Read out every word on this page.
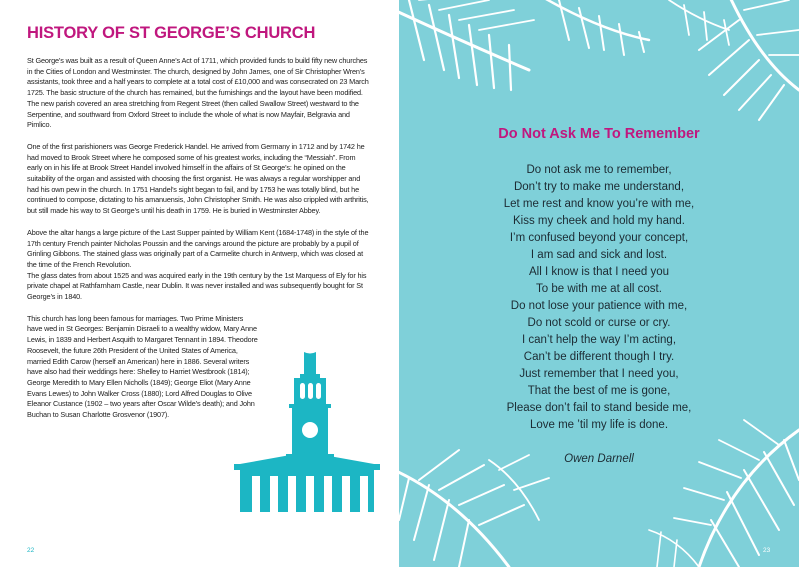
HISTORY OF ST GEORGE’S CHURCH

St George’s was built as a result of Queen Anne’s Act of 1711, which provided funds to build fifty new churches in the Cities of London and Westminster. The church, designed by John James, one of Sir Christopher Wren’s assistants, took three and a half years to complete at a total cost of £10,000 and was consecrated on 23 March 1725. The basic structure of the church has remained, but the furnishings and the layout have been modified. The new parish covered an area stretching from Regent Street (then called Swallow Street) westward to the Serpentine, and southward from Oxford Street to include the whole of what is now Mayfair, Belgravia and Pimlico.

One of the first parishioners was George Frederick Handel. He arrived from Germany in 1712 and by 1742 he had moved to Brook Street where he composed some of his greatest works, including the “Messiah”. From early on in his life at Brook Street Handel involved himself in the affairs of St George’s: he opined on the suitability of the organ and assisted with choosing the first organist. He was always a regular worshipper and had his own pew in the church. In 1751 Handel’s sight began to fail, and by 1753 he was totally blind, but he continued to compose, dictating to his amanuensis, John Christopher Smith. He was also crippled with arthritis, but still made his way to St George’s until his death in 1759. He is buried in Westminster Abbey.

Above the altar hangs a large picture of the Last Supper painted by William Kent (1684-1748) in the style of the 17th century French painter Nicholas Poussin and the carvings around the picture are probably by a pupil of Grinling Gibbons. The stained glass was originally part of a Carmelite church in Antwerp, which was closed at the time of the French Revolution.

The glass dates from about 1525 and was acquired early in the 19th century by the 1st Marquess of Ely for his private chapel at Rathfarnham Castle, near Dublin. It was never installed and was subsequently bought for St George’s in 1840.

This church has long been famous for marriages. Two Prime Ministers have wed in St Georges: Benjamin Disraeli to a wealthy widow, Mary Anne Lewis, in 1839 and Herbert Asquith to Margaret Tennant in 1894. Theodore Roosevelt, the future 26th President of the United States of America, married Edith Carow (herself an American) here in 1886. Several writers have also had their weddings here: Shelley to Harriet Westbrook (1814); George Meredith to Mary Ellen Nicholls (1849); George Eliot (Mary Anne Evans Lewes) to John Walker Cross (1880); Lord Alfred Douglas to Olive Eleanor Custance (1902 – two years after Oscar Wilde’s death); and John Buchan to Susan Charlotte Grosvenor (1907).

22
Do Not Ask Me To Remember
Do not ask me to remember,
Don’t try to make me understand,
Let me rest and know you’re with me,
Kiss my cheek and hold my hand.
I’m confused beyond your concept,
I am sad and sick and lost.
All I know is that I need you
To be with me at all cost.
Do not lose your patience with me,
Do not scold or curse or cry.
I can’t help the way I’m acting,
Can’t be different though I try.
Just remember that I need you,
That the best of me is gone,
Please don’t fail to stand beside me,
Love me ’til my life is done.
Owen Darnell
23
